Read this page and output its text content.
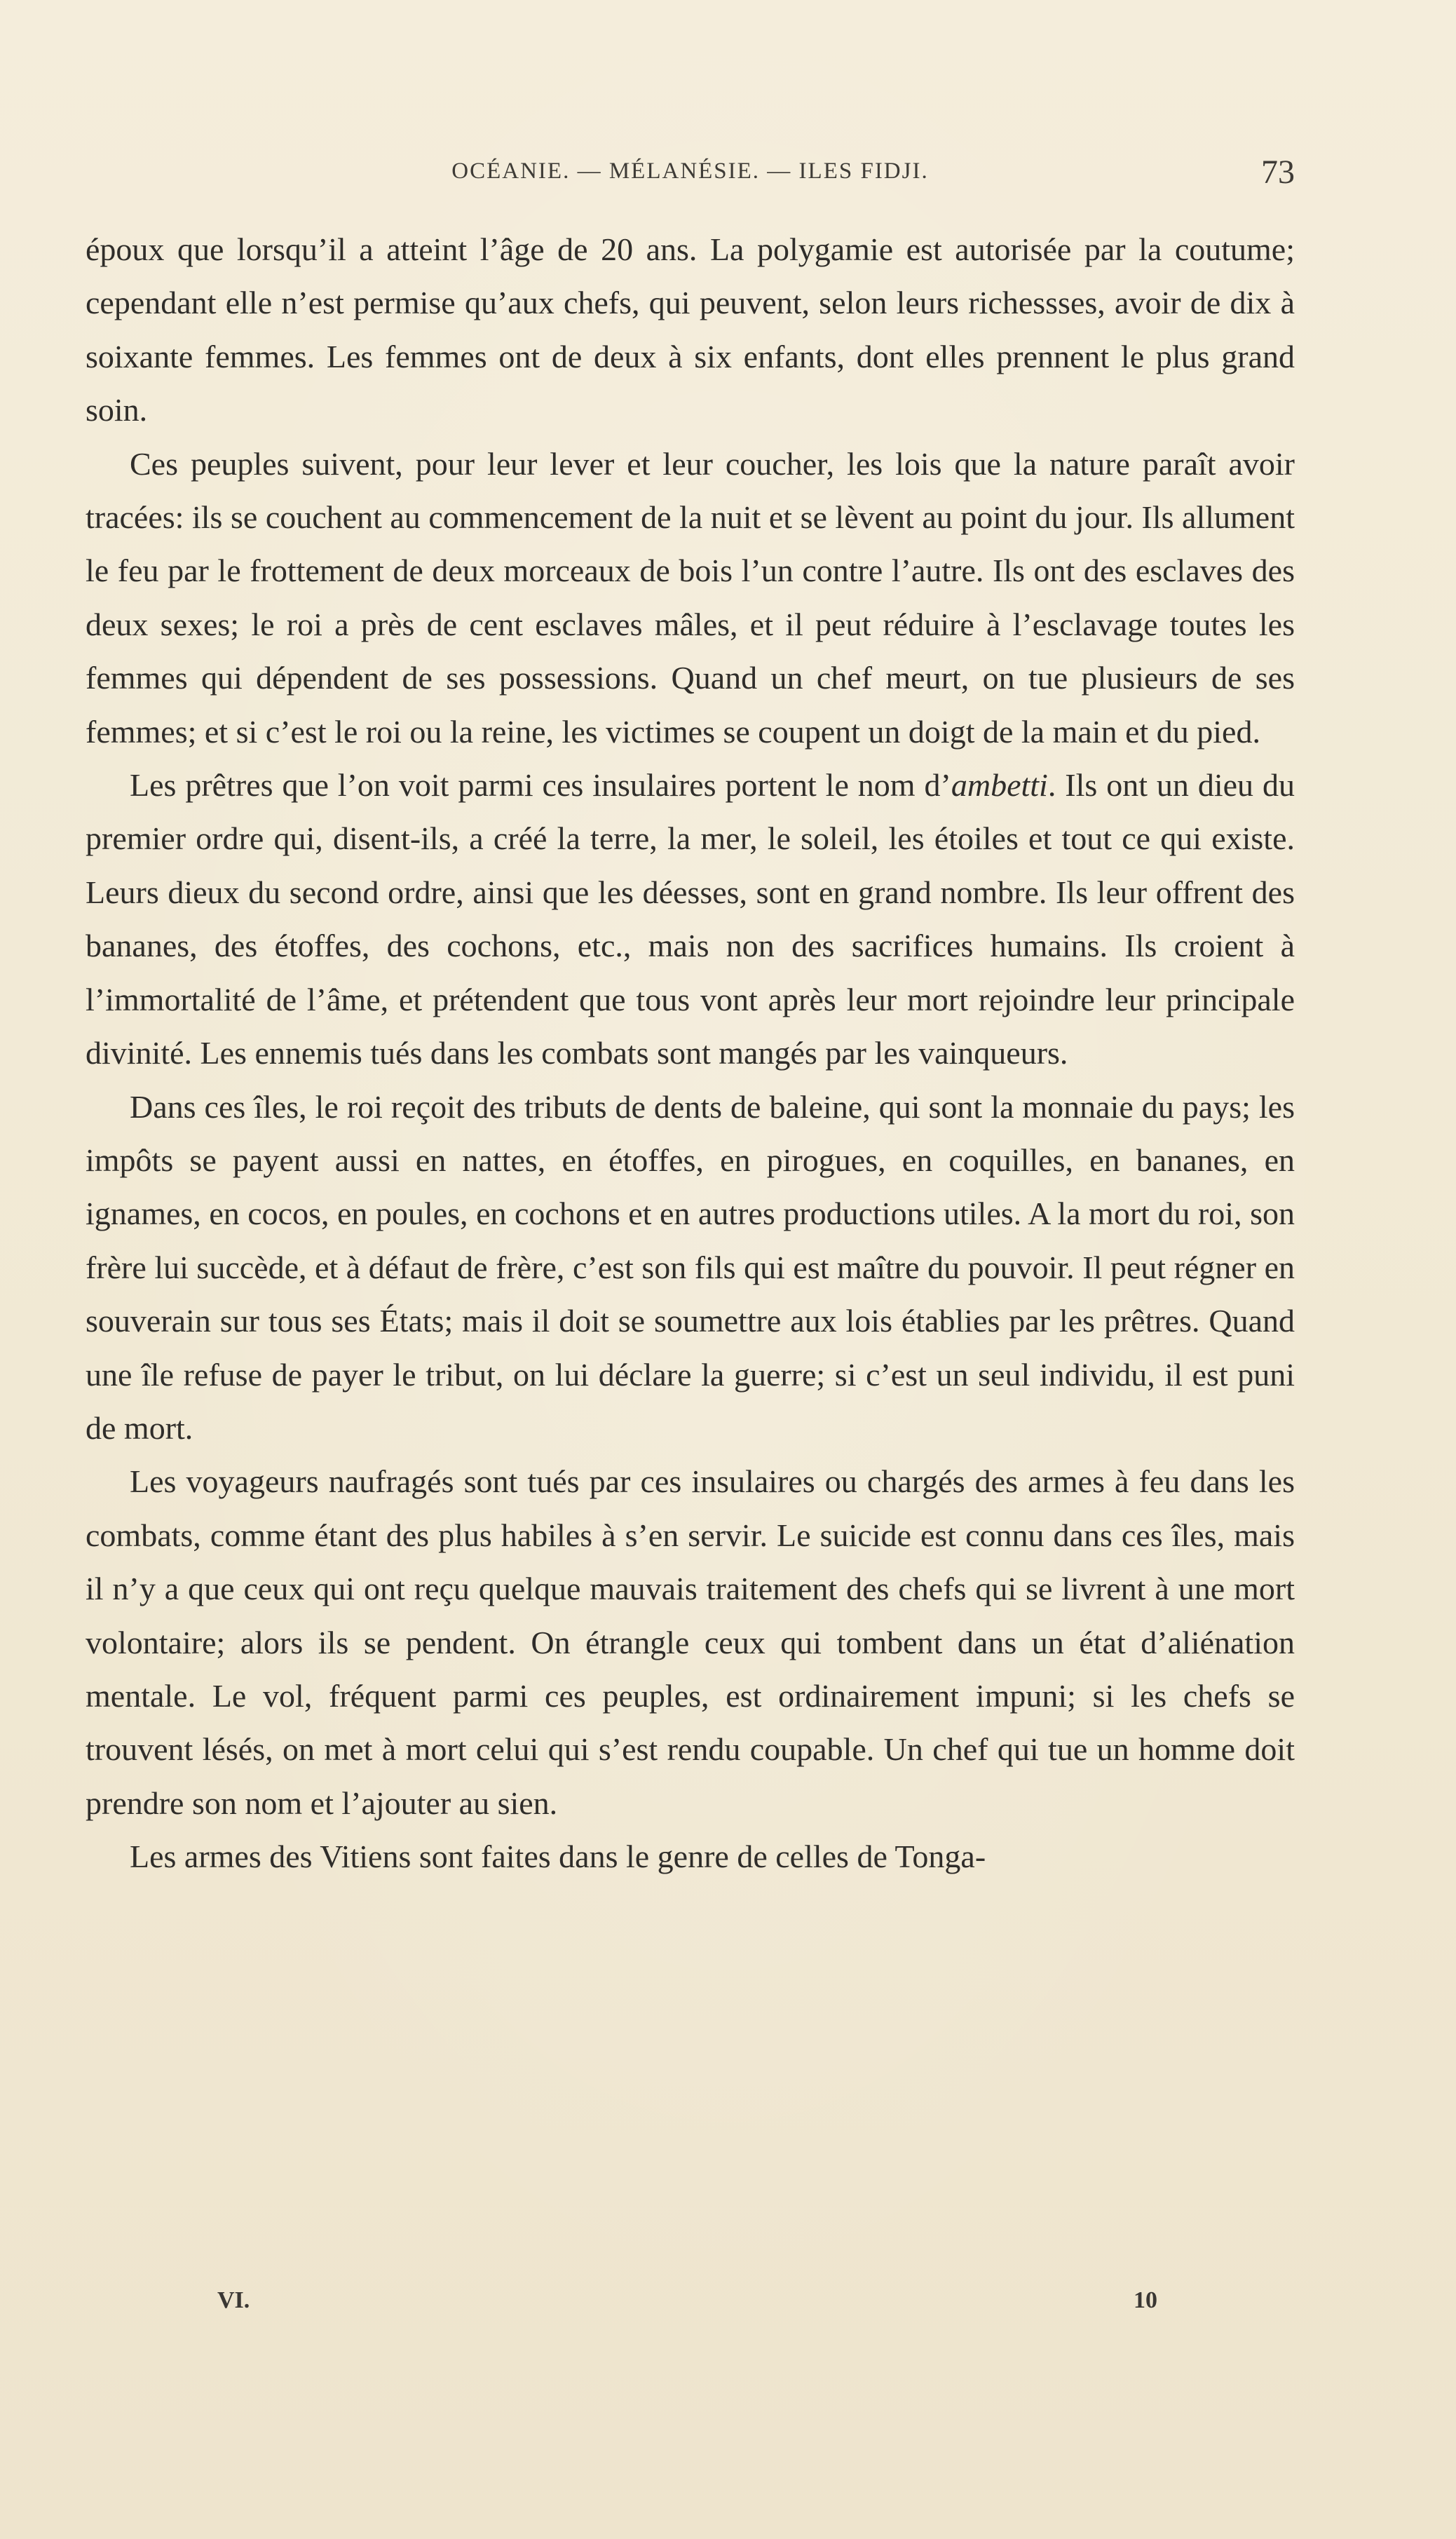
OCÉANIE. — MÉLANÉSIE. — ILES FIDJI.	73

époux que lorsqu’il a atteint l’âge de 20 ans. La polygamie est autorisée par la coutume; cependant elle n’est permise qu’aux chefs, qui peuvent, selon leurs richessses, avoir de dix à soixante femmes. Les femmes ont de deux à six enfants, dont elles prennent le plus grand soin.

Ces peuples suivent, pour leur lever et leur coucher, les lois que la nature paraît avoir tracées: ils se couchent au commencement de la nuit et se lèvent au point du jour. Ils allument le feu par le frottement de deux morceaux de bois l’un contre l’autre. Ils ont des esclaves des deux sexes; le roi a près de cent esclaves mâles, et il peut réduire à l’esclavage toutes les femmes qui dépendent de ses possessions. Quand un chef meurt, on tue plusieurs de ses femmes; et si c’est le roi ou la reine, les victimes se coupent un doigt de la main et du pied.

Les prêtres que l’on voit parmi ces insulaires portent le nom d’ambetti. Ils ont un dieu du premier ordre qui, disent-ils, a créé la terre, la mer, le soleil, les étoiles et tout ce qui existe. Leurs dieux du second ordre, ainsi que les déesses, sont en grand nombre. Ils leur offrent des bananes, des étoffes, des cochons, etc., mais non des sacrifices humains. Ils croient à l’immortalité de l’âme, et prétendent que tous vont après leur mort rejoindre leur principale divinité. Les ennemis tués dans les combats sont mangés par les vainqueurs.

Dans ces îles, le roi reçoit des tributs de dents de baleine, qui sont la monnaie du pays; les impôts se payent aussi en nattes, en étoffes, en pirogues, en coquilles, en bananes, en ignames, en cocos, en poules, en cochons et en autres productions utiles. A la mort du roi, son frère lui succède, et à défaut de frère, c’est son fils qui est maître du pouvoir. Il peut régner en souverain sur tous ses États; mais il doit se soumettre aux lois établies par les prêtres. Quand une île refuse de payer le tribut, on lui déclare la guerre; si c’est un seul individu, il est puni de mort.

Les voyageurs naufragés sont tués par ces insulaires ou chargés des armes à feu dans les combats, comme étant des plus habiles à s’en servir. Le suicide est connu dans ces îles, mais il n’y a que ceux qui ont reçu quelque mauvais traitement des chefs qui se livrent à une mort volontaire; alors ils se pendent. On étrangle ceux qui tombent dans un état d’aliénation mentale. Le vol, fréquent parmi ces peuples, est ordinairement impuni; si les chefs se trouvent lésés, on met à mort celui qui s’est rendu coupable. Un chef qui tue un homme doit prendre son nom et l’ajouter au sien.

Les armes des Vitiens sont faites dans le genre de celles de Tonga-

VI.	10
